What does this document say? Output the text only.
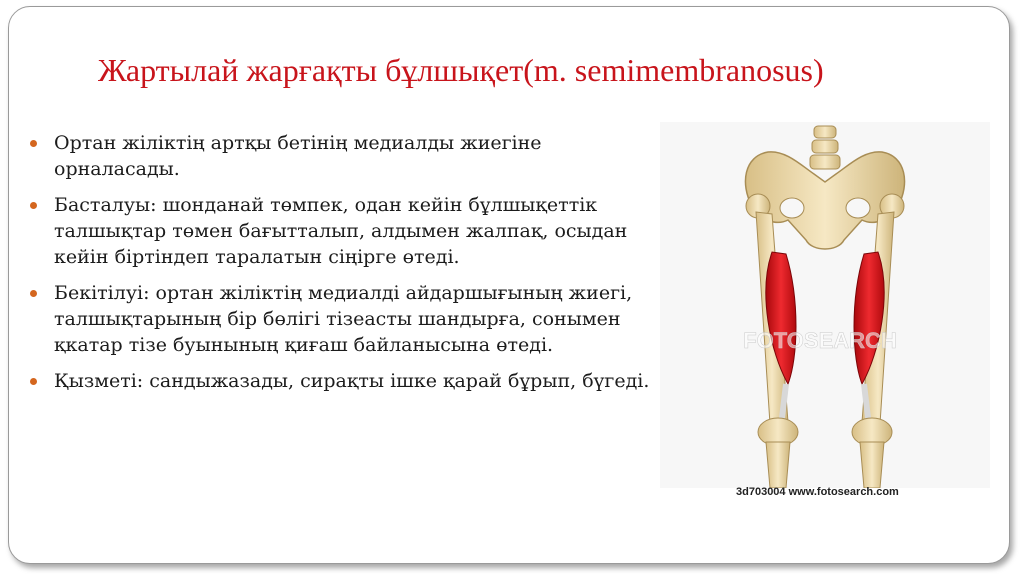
Жартылай жарғақты бұлшықет(m. semimembranosus)
Ортан жіліктің артқы бетінің медиалды жиегіне орналасады.
Басталуы: шонданай төмпек, одан кейін бұлшықеттік талшықтар төмен бағытталып, алдымен жалпақ, осыдан кейін біртіндеп таралатын сіңірге өтеді.
Бекітілуі: ортан жіліктің медиалді айдаршығының жиегі, талшықтарының бір бөлігі тізеасты шандырға, сонымен қкатар тізе буынының қиғаш байланысына өтеді.
Қызметі: сандыжазады, сирақты ішке қарай бұрып, бүгеді.
FOTOSEARCH
3d703004 www.fotosearch.com
